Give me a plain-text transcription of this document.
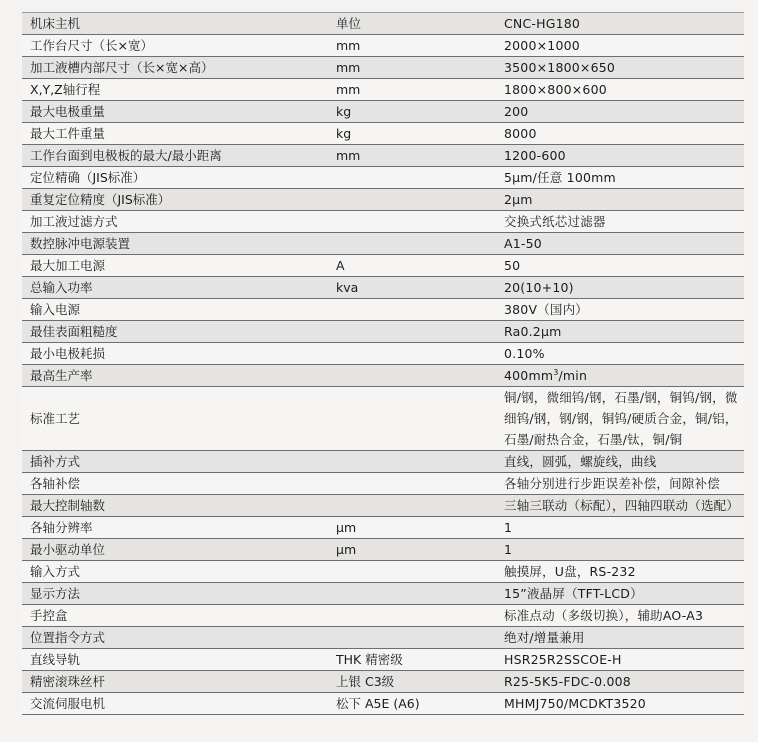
机床主机	单位	CNC-HG180
工作台尺寸（长×宽）	mm	2000×1000
加工液槽内部尺寸（长×宽×高）	mm	3500×1800×650
X,Y,Z轴行程	mm	1800×800×600
最大电极重量	kg	200
最大工件重量	kg	8000
工作台面到电极板的最大/最小距离	mm	1200-600
定位精确（JIS标准）		5μm/任意 100mm
重复定位精度（JIS标准）		2μm
加工液过滤方式		交换式纸芯过滤器
数控脉冲电源装置		A1-50
最大加工电源	A	50
总输入功率	kva	20(10+10)
输入电源		380V（国内）
最佳表面粗糙度		Ra0.2μm
最小电极耗损		0.10%
最高生产率		$400mm^3/\min$
标准工艺		铜/钢，微细钨/钢，石墨/钢，铜钨/钢，微
细钨/钢，钢/钢，铜钨/硬质合金，铜/铝，
石墨/耐热合金，石墨/钛，铜/铜

插补方式		直线，圆弧，螺旋线，曲线
各轴补偿		各轴分别进行步距误差补偿，间隙补偿
最大控制轴数		三轴三联动（标配），四轴四联动（选配）
各轴分辨率	μm	1
最小驱动单位	μm	1
输入方式		触摸屏，U盘，RS-232
显示方法		15”液晶屏（TFT-LCD）
手控盒		标准点动（多级切换），辅助AO-A3
位置指令方式		绝对/增量兼用
直线导轨	THK 精密级	HSR25R2SSCOE-H
精密滚珠丝杆	上银 C3级	R25-5K5-FDC-0.008
交流伺服电机	松下 A5E (A6)	MHMJ750/MCDKT3520
